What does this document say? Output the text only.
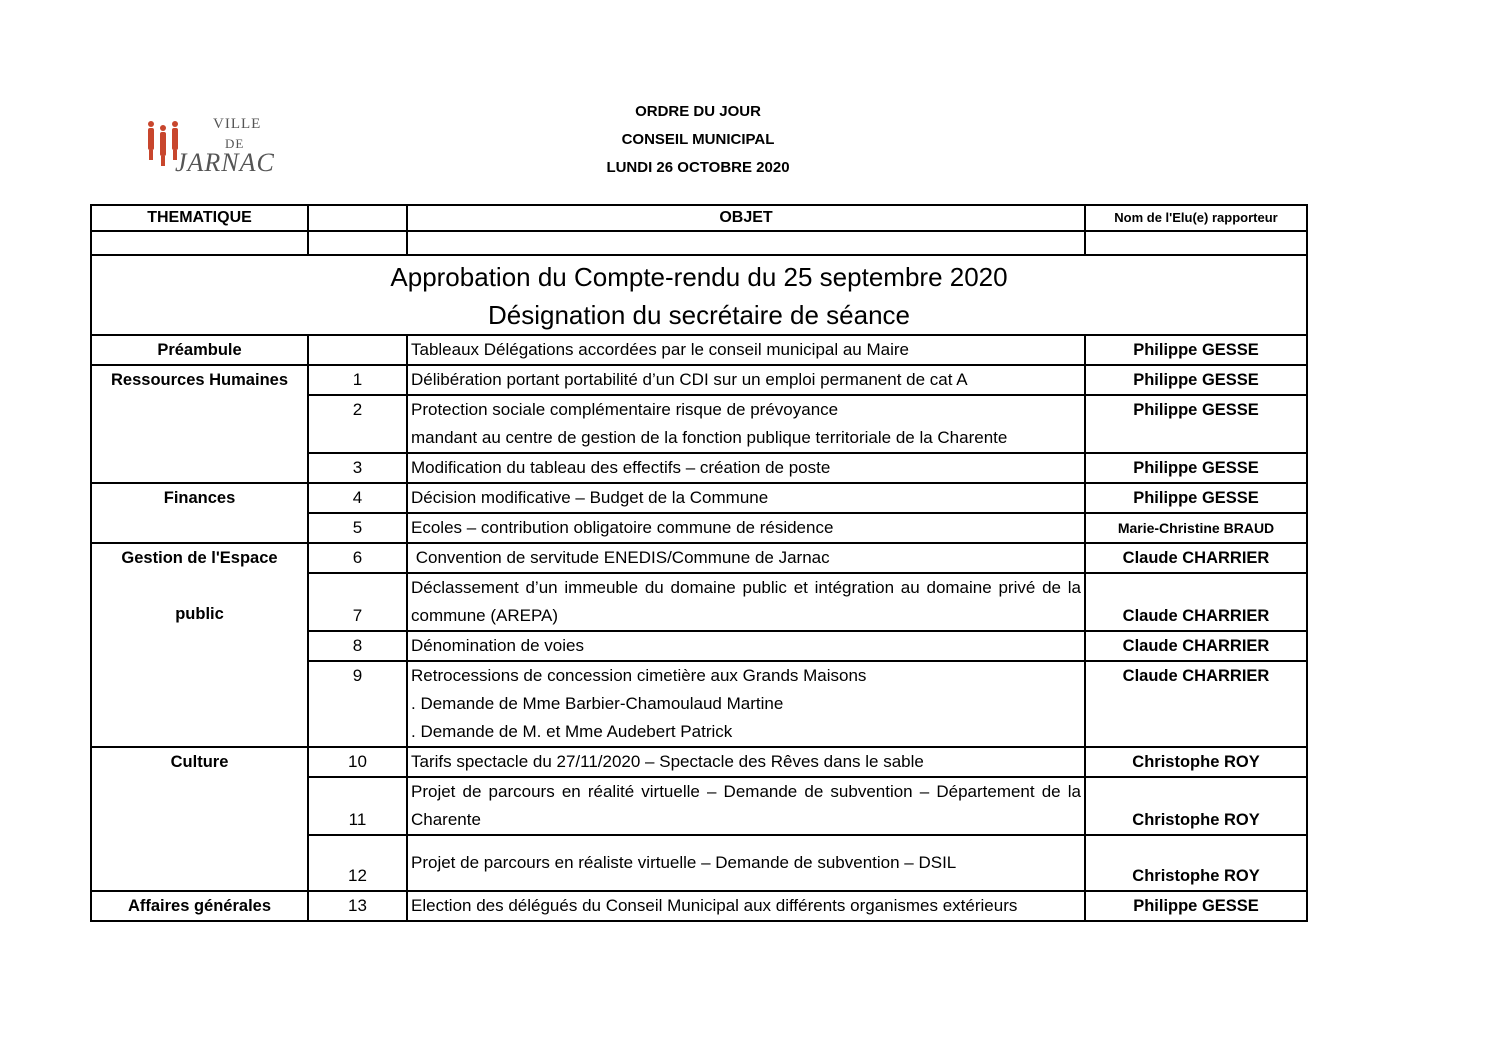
VILLE
DE
JARNAC
ORDRE DU JOUR
CONSEIL MUNICIPAL
LUNDI 26 OCTOBRE 2020
THEMATIQUE		OBJET	Nom de l'Elu(e) rapporteur

Approbation du Compte-rendu du 25 septembre 2020
Désignation du secrétaire de séance			

Préambule		Tableaux Délégations accordées par le conseil municipal au Maire	Philippe GESSE
Ressources Humaines	1	Délibération portant portabilité d’un CDI sur un emploi permanent de cat A	Philippe GESSE
	2	Protection sociale complémentaire risque de prévoyance
mandant au centre de gestion de la fonction publique territoriale de la Charente	Philippe GESSE
	3	Modification du tableau des effectifs – création de poste	Philippe GESSE
Finances	4	Décision modificative – Budget de la Commune	Philippe GESSE
	5	Ecoles – contribution obligatoire commune de résidence	Marie-Christine BRAUD

Gestion de l'Espace

public	6	Convention de servitude ENEDIS/Commune de Jarnac	Claude CHARRIER
	7	Déclassement d’un immeuble du domaine public et intégration au domaine privé de la commune (AREPA)	Claude CHARRIER
	8	Dénomination de voies	Claude CHARRIER
	9	Retrocessions de concession cimetière aux Grands Maisons
. Demande de Mme Barbier-Chamoulaud Martine
. Demande de M. et Mme Audebert Patrick	Claude CHARRIER
Culture	10	Tarifs spectacle du 27/11/2020 – Spectacle des Rêves dans le sable	Christophe ROY
	11	Projet de parcours en réalité virtuelle – Demande de subvention – Département de la Charente	Christophe ROY
	12	Projet de parcours en réaliste virtuelle – Demande de subvention – DSIL	Christophe ROY
Affaires générales	13	Election des délégués du Conseil Municipal aux différents organismes extérieurs	Philippe GESSE
